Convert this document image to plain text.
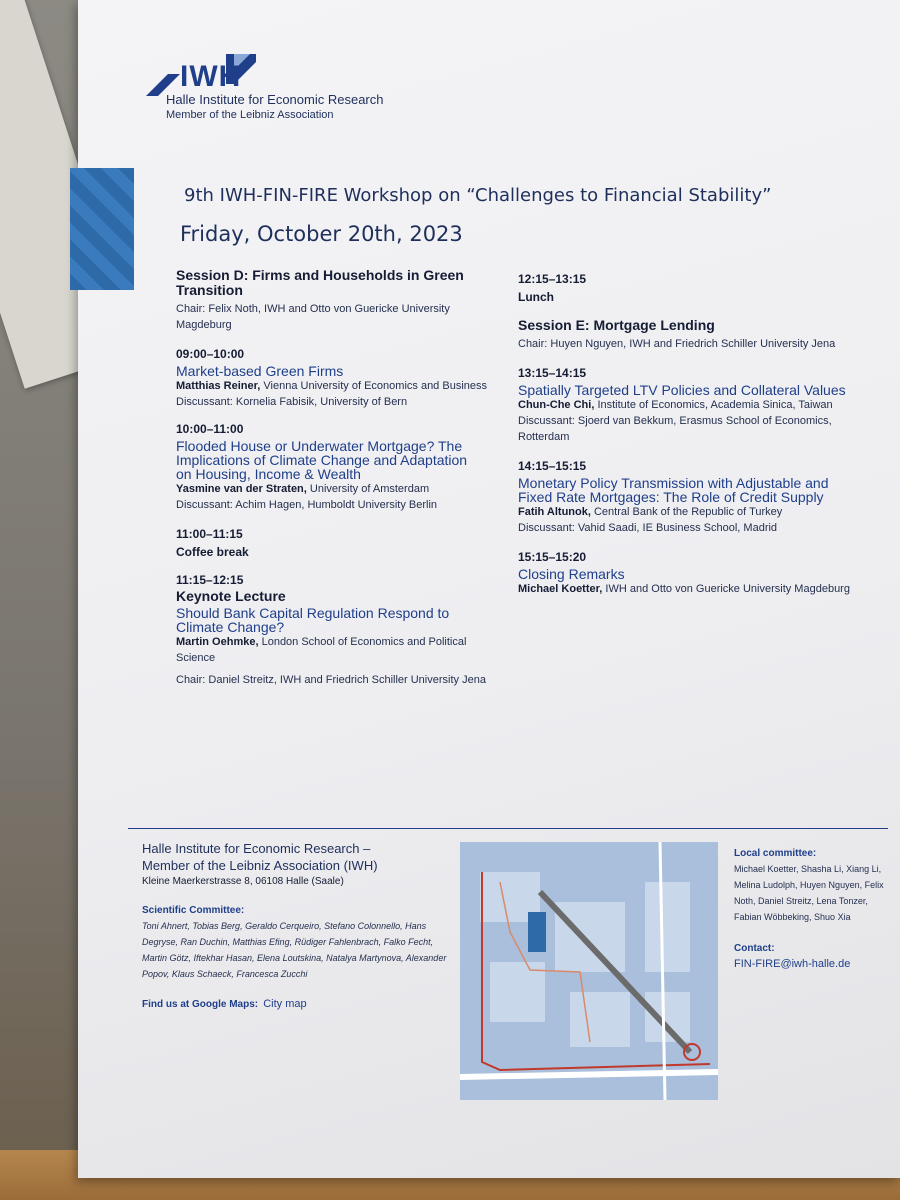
IWH
Halle Institute for Economic Research
Member of the Leibniz Association
9th IWH-FIN-FIRE Workshop on “Challenges to Financial Stability”
Friday, October 20th, 2023
Session D: Firms and Households in Green Transition
Chair: Felix Noth, IWH and Otto von Guericke University Magdeburg
09:00–10:00
Market-based Green Firms
Matthias Reiner, Vienna University of Economics and Business
Discussant: Kornelia Fabisik, University of Bern
10:00–11:00
Flooded House or Underwater Mortgage? The Implications of Climate Change and Adaptation on Housing, Income & Wealth
Yasmine van der Straten, University of Amsterdam
Discussant: Achim Hagen, Humboldt University Berlin
11:00–11:15
Coffee break
11:15–12:15
Keynote Lecture
Should Bank Capital Regulation Respond to Climate Change?
Martin Oehmke, London School of Economics and Political Science
Chair: Daniel Streitz, IWH and Friedrich Schiller University Jena
12:15–13:15
Lunch
Session E: Mortgage Lending
Chair: Huyen Nguyen, IWH and Friedrich Schiller University Jena
13:15–14:15
Spatially Targeted LTV Policies and Collateral Values
Chun-Che Chi, Institute of Economics, Academia Sinica, Taiwan
Discussant: Sjoerd van Bekkum, Erasmus School of Economics, Rotterdam
14:15–15:15
Monetary Policy Transmission with Adjustable and Fixed Rate Mortgages: The Role of Credit Supply
Fatih Altunok, Central Bank of the Republic of Turkey
Discussant: Vahid Saadi, IE Business School, Madrid
15:15–15:20
Closing Remarks
Michael Koetter, IWH and Otto von Guericke University Magdeburg
Halle Institute for Economic Research –
Member of the Leibniz Association (IWH)
Kleine Maerkerstrasse 8, 06108 Halle (Saale)
Scientific Committee:
Toni Ahnert, Tobias Berg, Geraldo Cerqueiro, Stefano Colonnello, Hans Degryse, Ran Duchin, Matthias Efing, Rüdiger Fahlenbrach, Falko Fecht, Martin Götz, Iftekhar Hasan, Elena Loutskina, Natalya Martynova, Alexander Popov, Klaus Schaeck, Francesca Zucchi
Find us at Google Maps: City map
Local committee:
Michael Koetter, Shasha Li, Xiang Li, Melina Ludolph, Huyen Nguyen, Felix Noth, Daniel Streitz, Lena Tonzer, Fabian Wöbbeking, Shuo Xia
Contact:
FIN-FIRE@iwh-halle.de
